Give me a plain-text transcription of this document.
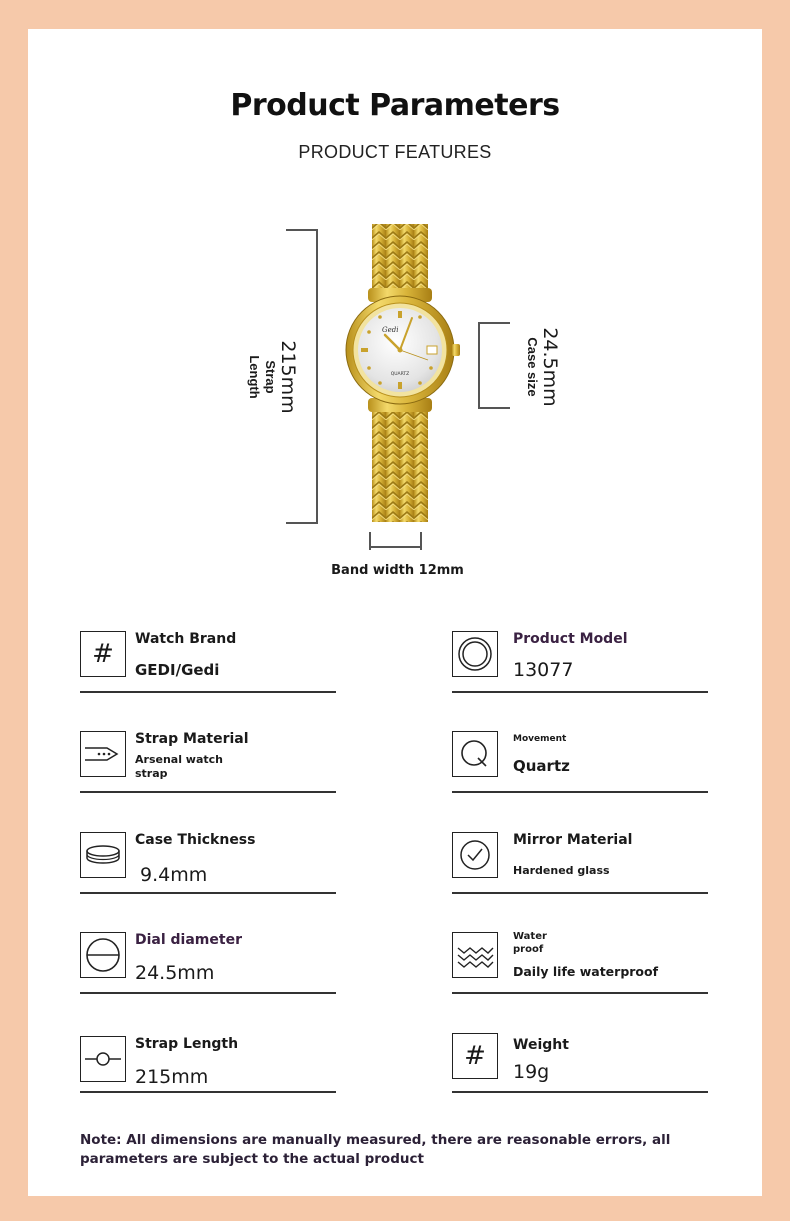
Product Parameters
PRODUCT FEATURES
215mm
Strap Length	24.5mm
Case size
Band width 12mm
Gedi
QUARTZ
# Watch Brand
GEDI/Gedi
Strap Material
Arsenal watch strap
Case Thickness
9.4mm
Dial diameter
24.5mm
Strap Length
215mm
Product Model
13077
Movement
Quartz
Mirror Material
Hardened glass
Water
proof
Daily life waterproof
# Weight
19g
Note: All dimensions are manually measured, there are reasonable errors, all parameters are subject to the actual product
